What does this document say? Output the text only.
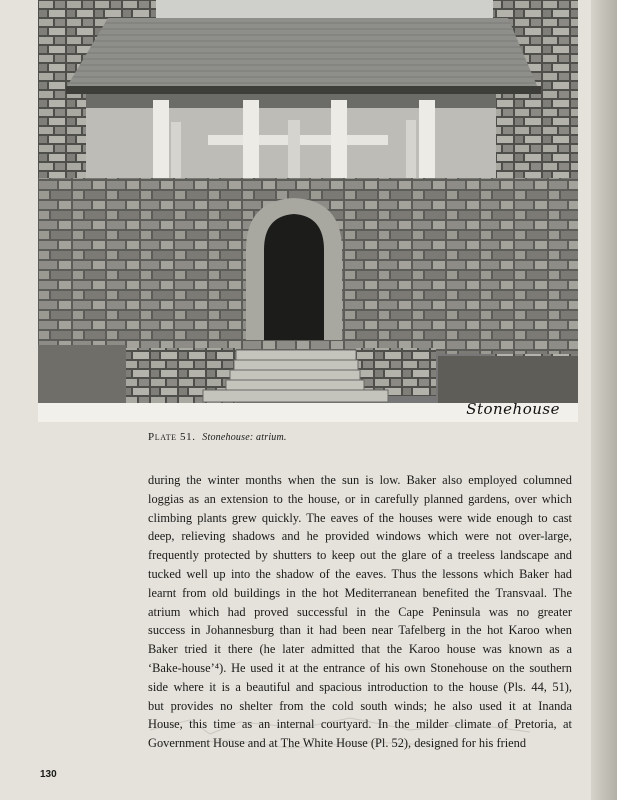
Stonehouse
Plate 51. Stonehouse: atrium.
during the winter months when the sun is low. Baker also employed columned
loggias as an extension to the house, or in carefully planned gardens, over which
climbing plants grew quickly. The eaves of the houses were wide enough to cast
deep, relieving shadows and he provided windows which were not over-large,
frequently protected by shutters to keep out the glare of a treeless landscape and
tucked well up into the shadow of the eaves. Thus the lessons which Baker had
learnt from old buildings in the hot Mediterranean benefited the Transvaal. The
atrium which had proved successful in the Cape Peninsula was no greater
success in Johannesburg than it had been near Tafelberg in the hot Karoo when
Baker tried it there (he later admitted that the Karoo house was known as a
‘Bake-house’⁴). He used it at the entrance of his own Stonehouse on the southern
side where it is a beautiful and spacious introduction to the house (Pls. 44, 51),
but provides no shelter from the cold south winds; he also used it at Inanda
House, this time as an internal courtyard. In the milder climate of Pretoria, at
Government House and at The White House (Pl. 52), designed for his friend
130
